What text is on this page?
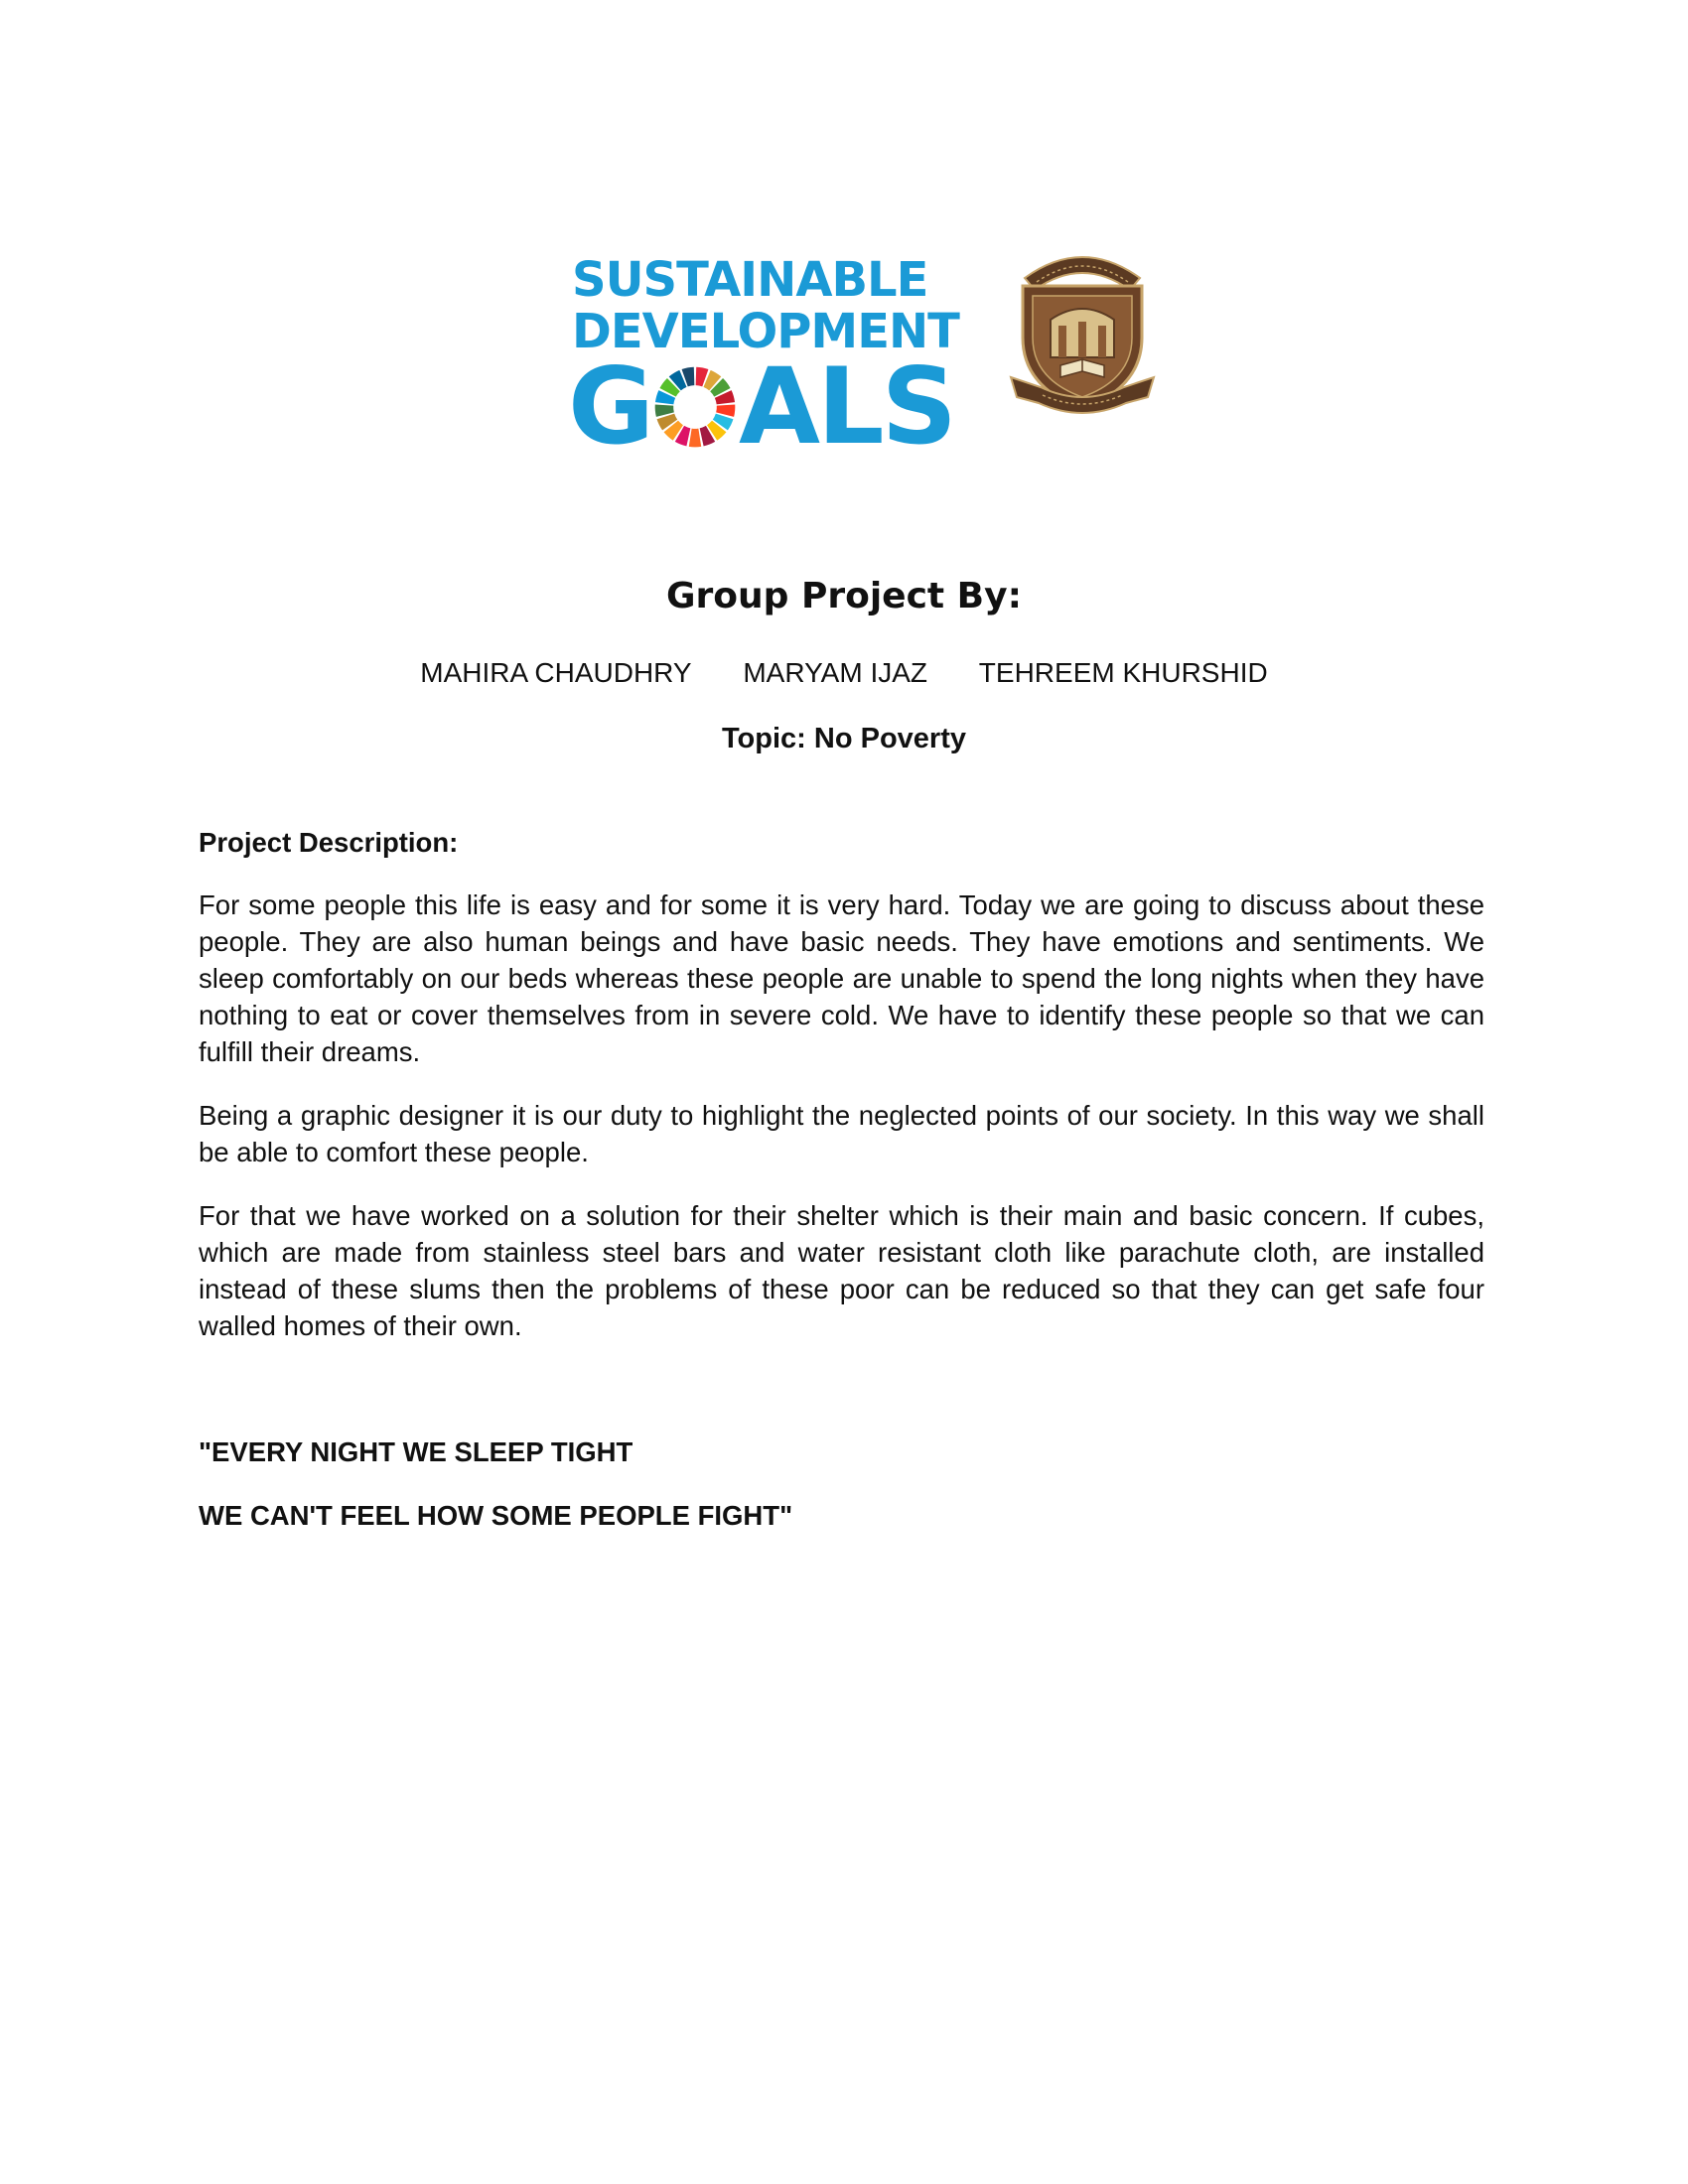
SUSTAINABLE
DEVELOPMENT
G ALS
Group Project By:
MAHIRA CHAUDHRY MARYAM IJAZ TEHREEM KHURSHID
Topic: No Poverty
Project Description:

For some people this life is easy and for some it is very hard. Today we are going to discuss about these people. They are also human beings and have basic needs. They have emotions and sentiments. We sleep comfortably on our beds whereas these people are unable to spend the long nights when they have nothing to eat or cover themselves from in severe cold. We have to identify these people so that we can fulfill their dreams.

Being a graphic designer it is our duty to highlight the neglected points of our society. In this way we shall be able to comfort these people.

For that we have worked on a solution for their shelter which is their main and basic concern. If cubes, which are made from stainless steel bars and water resistant cloth like parachute cloth, are installed instead of these slums then the problems of these poor can be reduced so that they can get safe four walled homes of their own.

"EVERY NIGHT WE SLEEP TIGHT
WE CAN'T FEEL HOW SOME PEOPLE FIGHT"
